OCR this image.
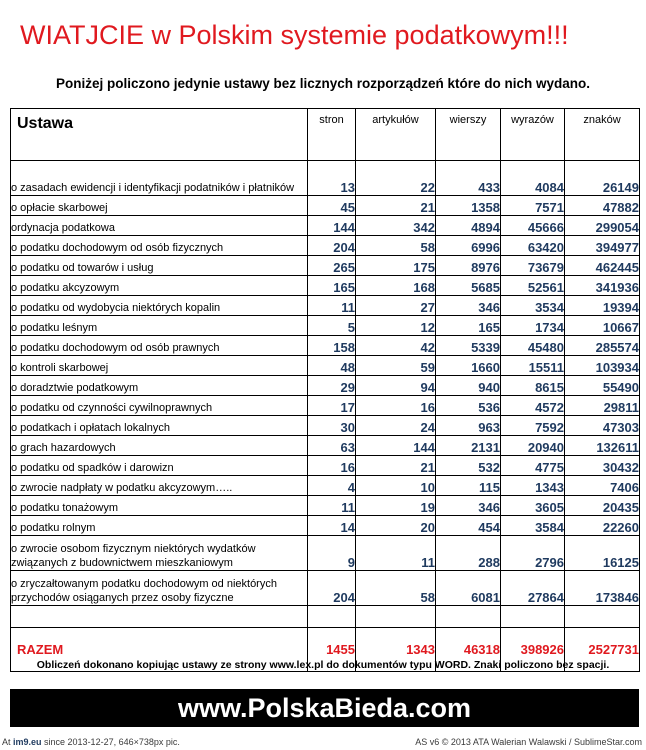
WIATJCIE w Polskim systemie podatkowym!!!
Poniżej policzono jedynie ustawy bez licznych rozporządzeń które do nich wydano.
Ustawa	stron	artykułów	wierszy	wyrazów	znaków
o zasadach ewidencji i identyfikacji podatników i płatników	13	22	433	4084	26149
o opłacie skarbowej	45	21	1358	7571	47882
ordynacja podatkowa	144	342	4894	45666	299054
o podatku dochodowym od osób fizycznych	204	58	6996	63420	394977
o podatku od towarów i usług	265	175	8976	73679	462445
o podatku akcyzowym	165	168	5685	52561	341936
o podatku od wydobycia niektórych kopalin	11	27	346	3534	19394
o podatku leśnym	5	12	165	1734	10667
o podatku dochodowym od osób prawnych	158	42	5339	45480	285574
o kontroli skarbowej	48	59	1660	15511	103934
o doradztwie podatkowym	29	94	940	8615	55490
o podatku od czynności cywilnoprawnych	17	16	536	4572	29811
o podatkach i opłatach lokalnych	30	24	963	7592	47303
o grach hazardowych	63	144	2131	20940	132611
o podatku od spadków i darowizn	16	21	532	4775	30432
o zwrocie nadpłaty w podatku akcyzowym…..	4	10	115	1343	7406
o podatku tonażowym	11	19	346	3605	20435
o podatku rolnym	14	20	454	3584	22260
o zwrocie osobom fizycznym niektórych wydatków związanych z budownictwem mieszkaniowym	9	11	288	2796	16125
o zryczałtowanym podatku dochodowym od niektórych przychodów osiąganych przez osoby fizyczne	204	58	6081	27864	173846

RAZEM	1455	1343	46318	398926	2527731
Obliczeń dokonano kopiując ustawy ze strony www.lex.pl do dokumentów typu WORD. Znaki policzono bez spacji.
www.PolskaBieda.com
At im9.eu since 2013-12-27, 646×738px pic.	AS v6 © 2013 ATA Walerian Walawski / SublimeStar.com
